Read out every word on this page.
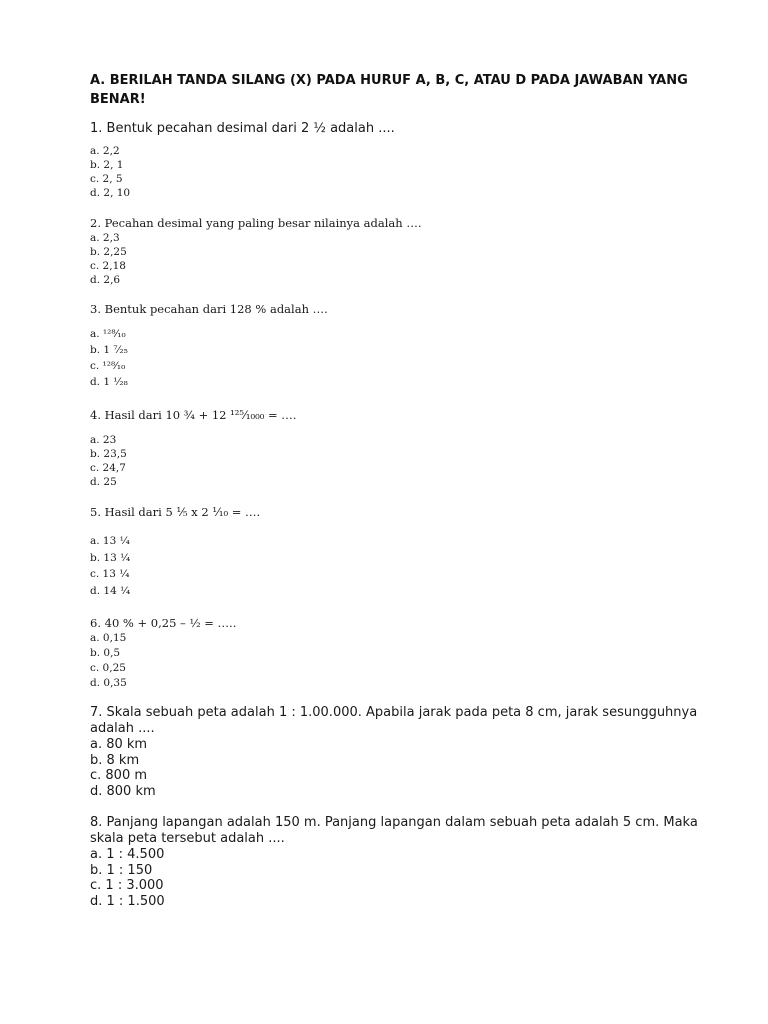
A. BERILAH TANDA SILANG (X) PADA HURUF A, B, C, ATAU D PADA JAWABAN YANG BENAR!
1. Bentuk pecahan desimal dari 2 ½ adalah ....
a. 2,2
b. 2, 1
c. 2, 5
d. 2, 10
2. Pecahan desimal yang paling besar nilainya adalah ….
a. 2,3
b. 2,25
c. 2,18
d. 2,6
3. Bentuk pecahan dari 128 % adalah ….
a. ¹²⁸⁄₁₀
b. 1 ⁷⁄₂₅
c. ¹²⁸⁄₁₀
d. 1 ¹⁄₂₈
4. Hasil dari 10 ¾ + 12 ¹²⁵⁄₁₀₀₀ = ….
a. 23
b. 23,5
c. 24,7
d. 25
5. Hasil dari 5 ¹⁄₅ x 2 ¹⁄₁₀ = ….
a. 13 ¹⁄₄
b. 13 ¹⁄₄
c. 13 ¹⁄₄
d. 14 ¹⁄₄
6. 40 % + 0,25 – ½ = …..
a. 0,15
b. 0,5
c. 0,25
d. 0,35
7. Skala sebuah peta adalah 1 : 1.00.000. Apabila jarak pada peta 8 cm, jarak sesungguhnya adalah ....
a. 80 km
b. 8 km
c. 800 m
d. 800 km
8. Panjang lapangan adalah 150 m. Panjang lapangan dalam sebuah peta adalah 5 cm. Maka skala peta tersebut adalah ....
a. 1 : 4.500
b. 1 : 150
c. 1 : 3.000
d. 1 : 1.500
